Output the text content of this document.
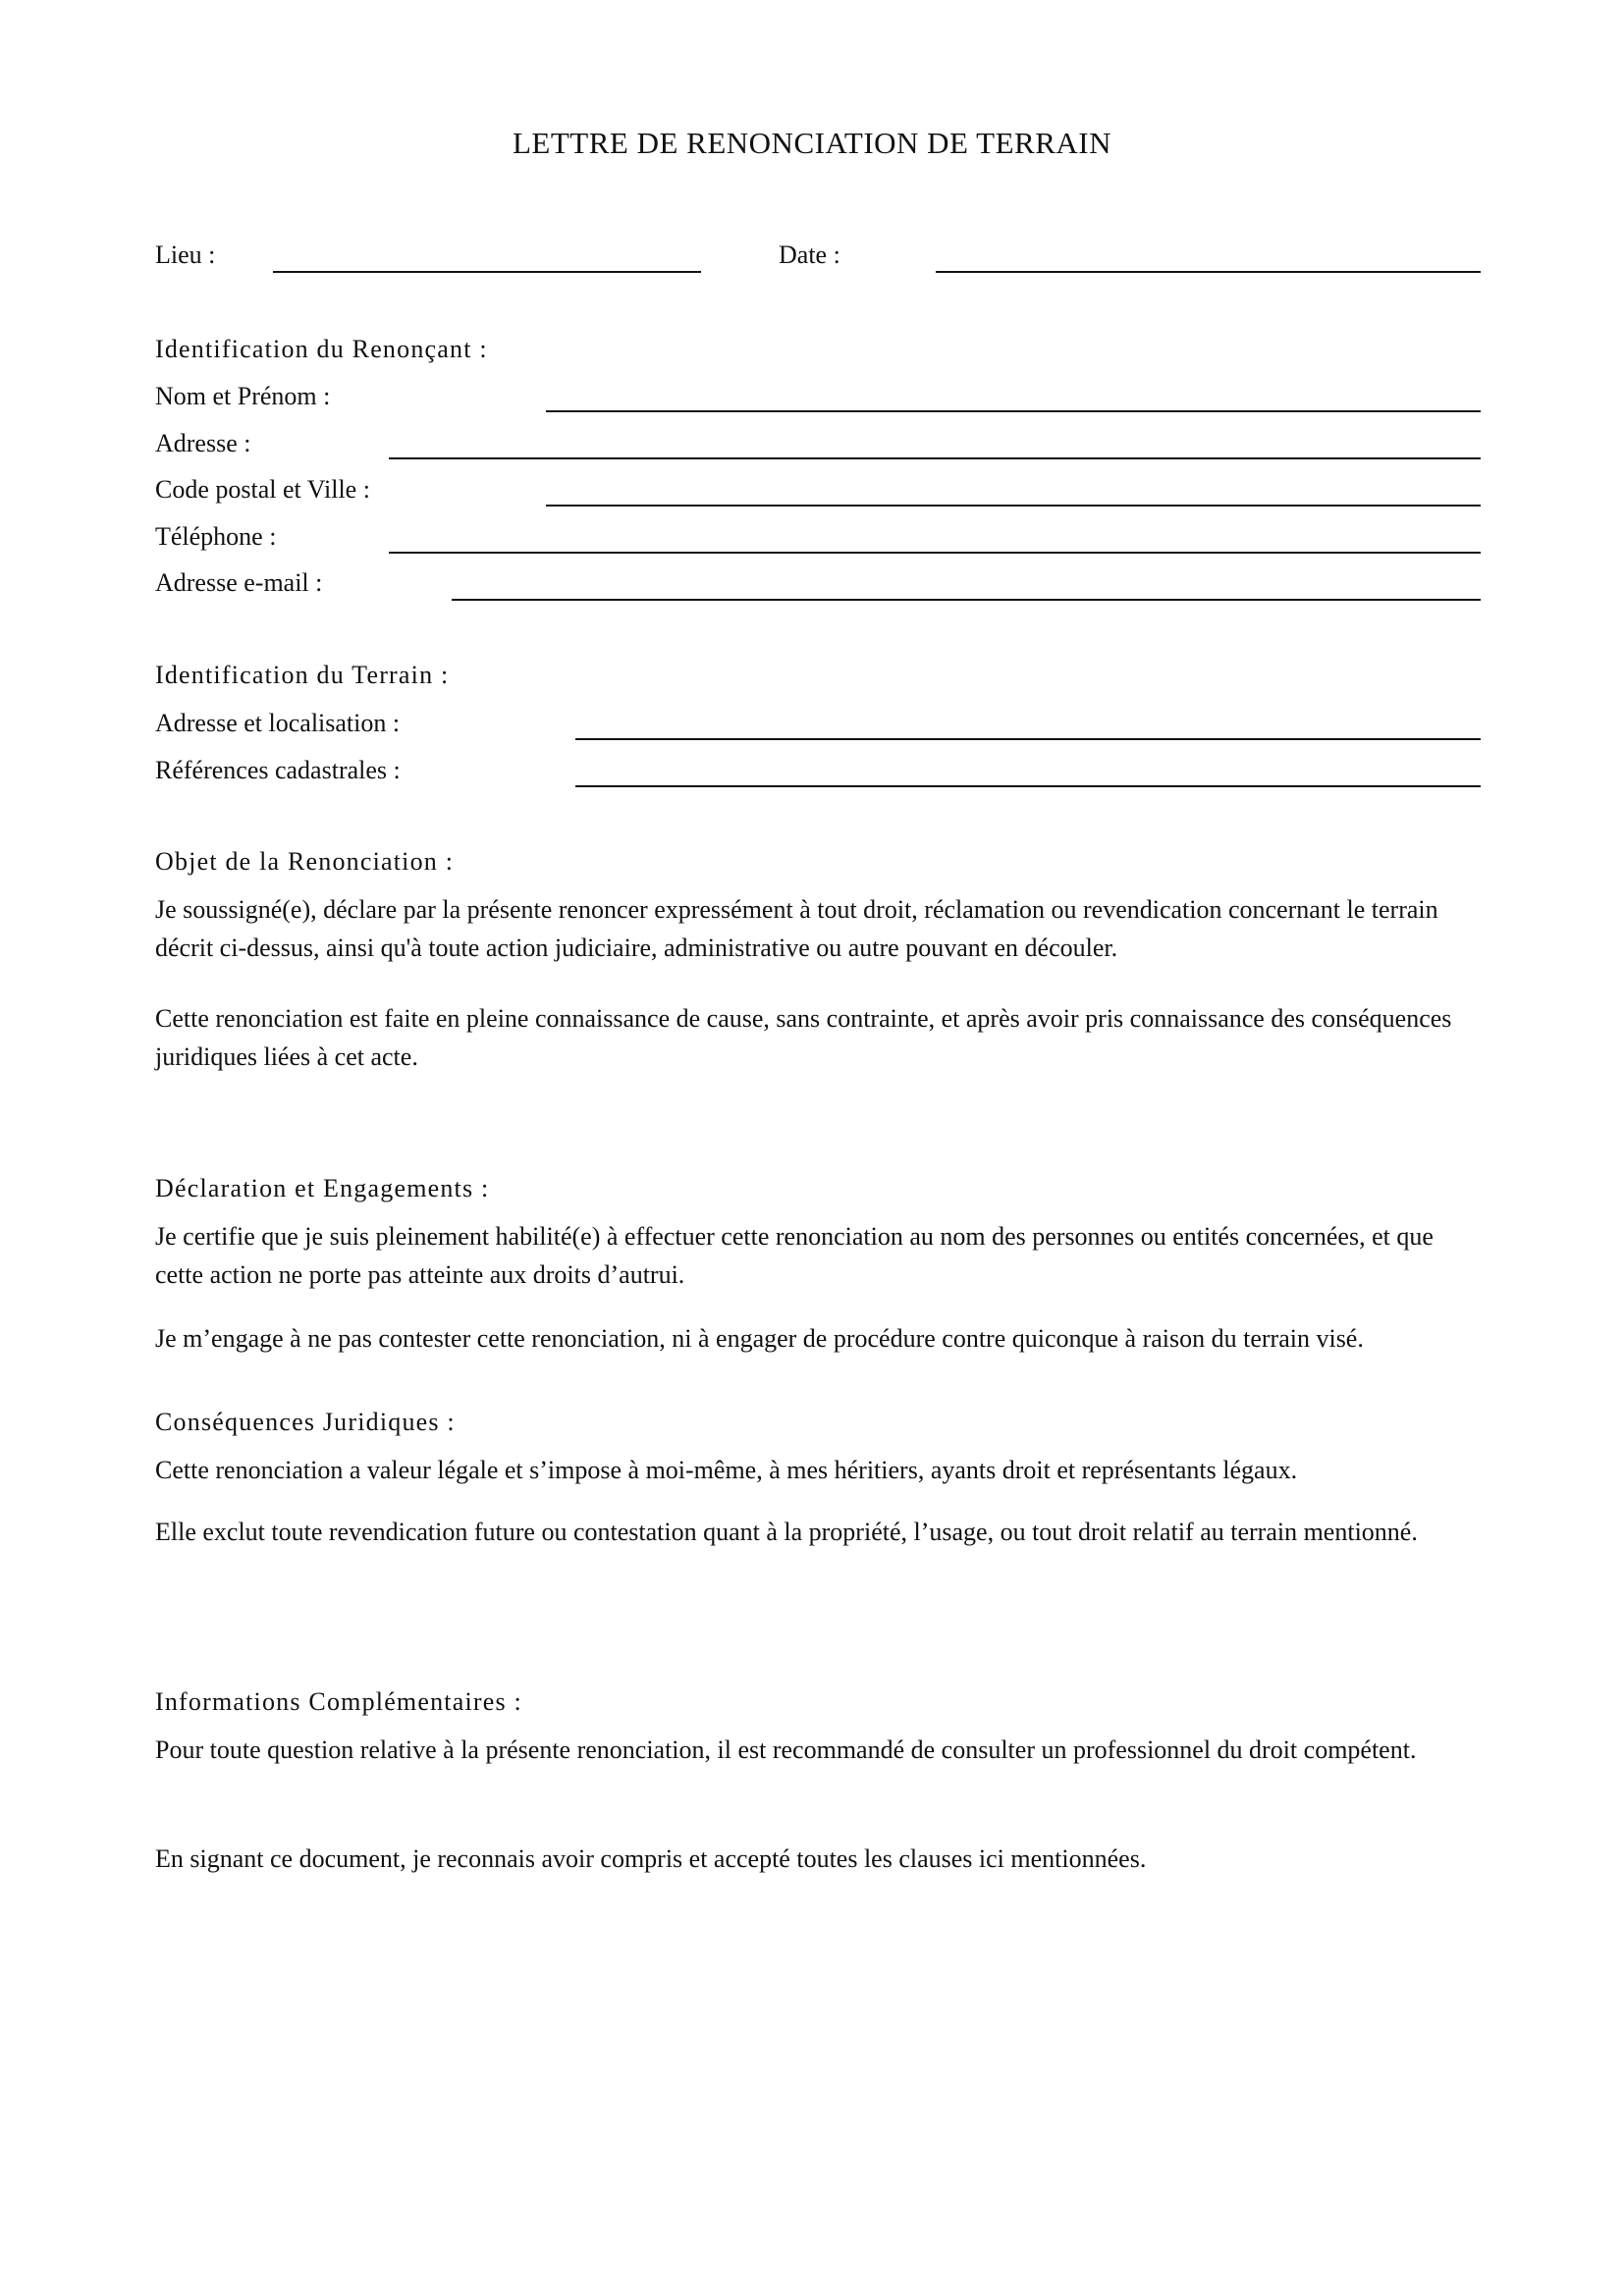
LETTRE DE RENONCIATION DE TERRAIN
Lieu :	Date :
Identification du Renonçant :
Nom et Prénom :
Adresse :
Code postal et Ville :
Téléphone :
Adresse e-mail :
Identification du Terrain :
Adresse et localisation :
Références cadastrales :
Objet de la Renonciation :
Je soussigné(e), déclare par la présente renoncer expressément à tout droit, réclamation ou revendication concernant le terrain décrit ci-dessus, ainsi qu'à toute action judiciaire, administrative ou autre pouvant en découler.
Cette renonciation est faite en pleine connaissance de cause, sans contrainte, et après avoir pris connaissance des conséquences juridiques liées à cet acte.
Déclaration et Engagements :
Je certifie que je suis pleinement habilité(e) à effectuer cette renonciation au nom des personnes ou entités concernées, et que cette action ne porte pas atteinte aux droits d’autrui.
Je m’engage à ne pas contester cette renonciation, ni à engager de procédure contre quiconque à raison du terrain visé.
Conséquences Juridiques :
Cette renonciation a valeur légale et s’impose à moi-même, à mes héritiers, ayants droit et représentants légaux.
Elle exclut toute revendication future ou contestation quant à la propriété, l’usage, ou tout droit relatif au terrain mentionné.
Informations Complémentaires :
Pour toute question relative à la présente renonciation, il est recommandé de consulter un professionnel du droit compétent.
En signant ce document, je reconnais avoir compris et accepté toutes les clauses ici mentionnées.
